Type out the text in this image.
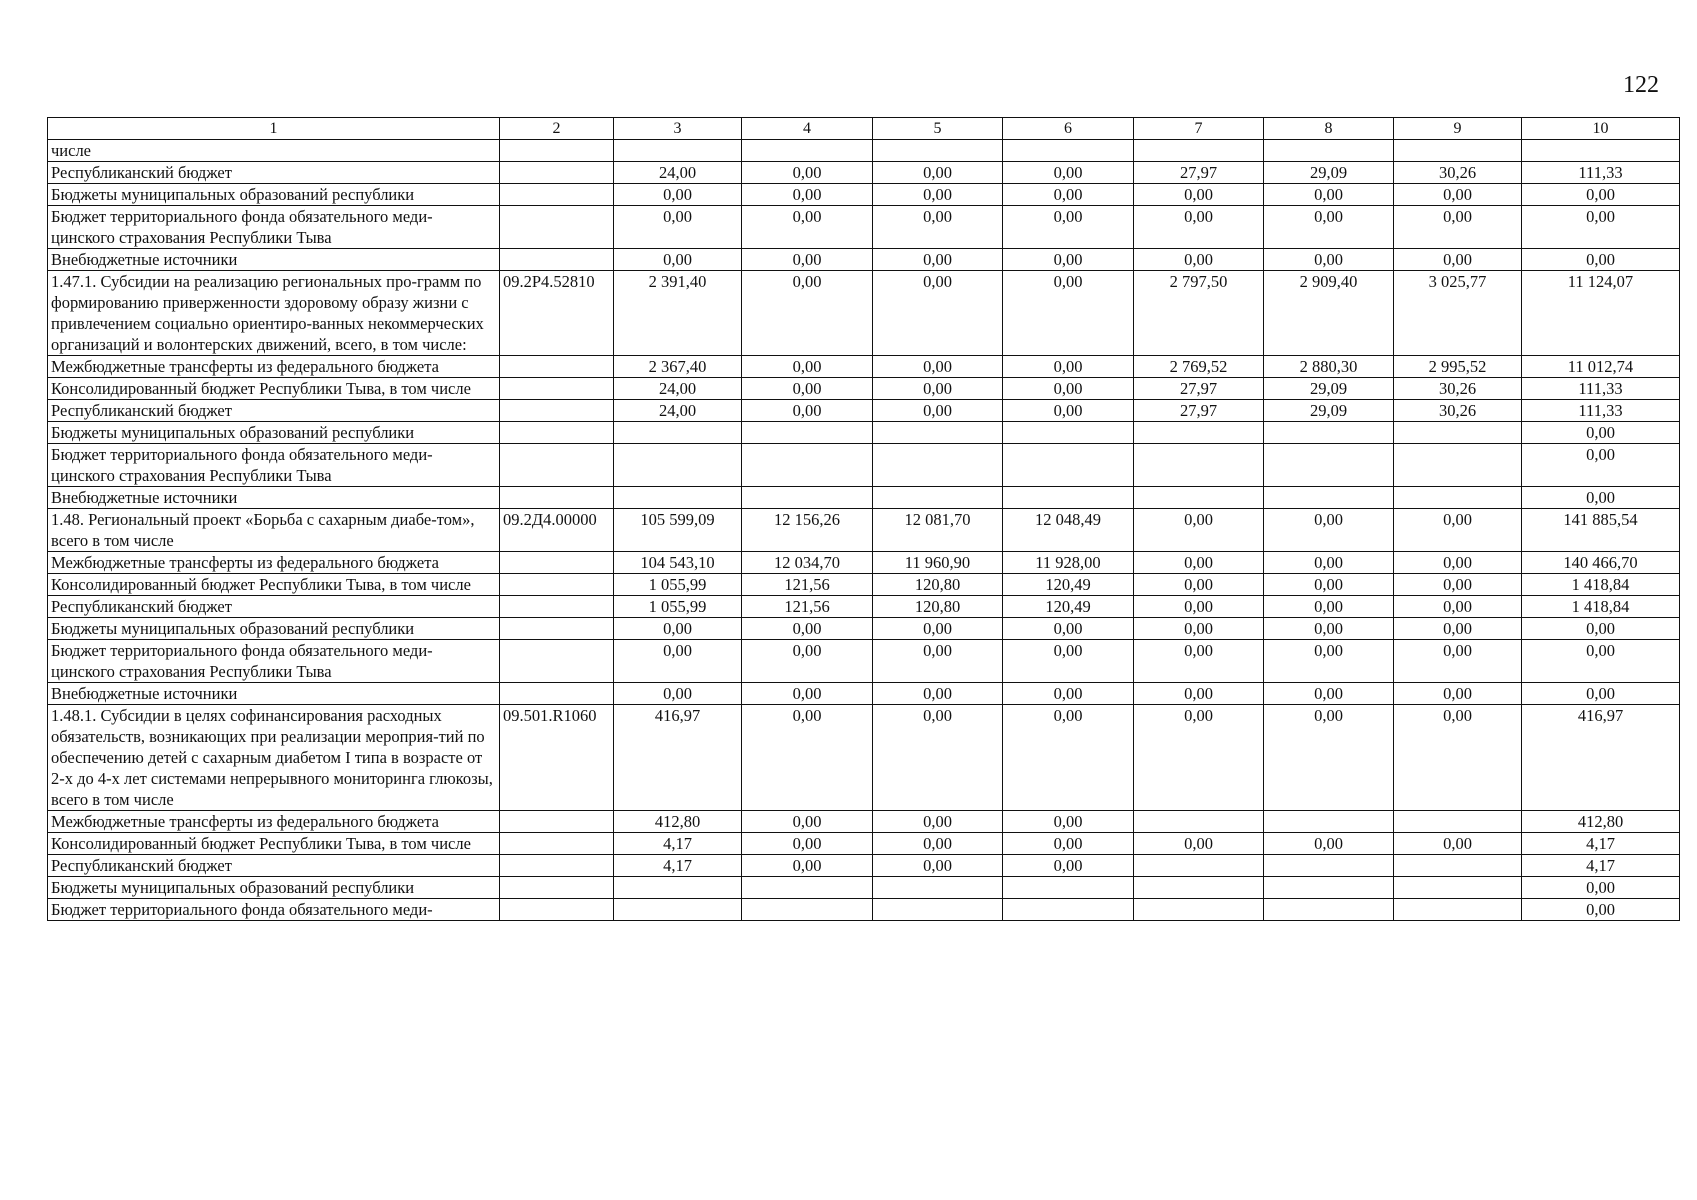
122
1	2	3	4	5	6	7	8	9	10
числе									
Республиканский бюджет		24,00	0,00	0,00	0,00	27,97	29,09	30,26	111,33
Бюджеты муниципальных образований республики		0,00	0,00	0,00	0,00	0,00	0,00	0,00	0,00
Бюджет территориального фонда обязательного меди-цинского страхования Республики Тыва		0,00	0,00	0,00	0,00	0,00	0,00	0,00	0,00
Внебюджетные источники		0,00	0,00	0,00	0,00	0,00	0,00	0,00	0,00
1.47.1. Субсидии на реализацию региональных про-грамм по формированию приверженности здоровому образу жизни с привлечением социально ориентиро-ванных некоммерческих организаций и волонтерских движений, всего, в том числе:	09.2Р4.52810	2 391,40	0,00	0,00	0,00	2 797,50	2 909,40	3 025,77	11 124,07
Межбюджетные трансферты из федерального бюджета		2 367,40	0,00	0,00	0,00	2 769,52	2 880,30	2 995,52	11 012,74
Консолидированный бюджет Республики Тыва, в том числе		24,00	0,00	0,00	0,00	27,97	29,09	30,26	111,33
Республиканский бюджет		24,00	0,00	0,00	0,00	27,97	29,09	30,26	111,33
Бюджеты муниципальных образований республики									0,00
Бюджет территориального фонда обязательного меди-цинского страхования Республики Тыва									0,00
Внебюджетные источники									0,00
1.48. Региональный проект «Борьба с сахарным диабе-том», всего в том числе	09.2Д4.00000	105 599,09	12 156,26	12 081,70	12 048,49	0,00	0,00	0,00	141 885,54
Межбюджетные трансферты из федерального бюджета		104 543,10	12 034,70	11 960,90	11 928,00	0,00	0,00	0,00	140 466,70
Консолидированный бюджет Республики Тыва, в том числе		1 055,99	121,56	120,80	120,49	0,00	0,00	0,00	1 418,84
Республиканский бюджет		1 055,99	121,56	120,80	120,49	0,00	0,00	0,00	1 418,84
Бюджеты муниципальных образований республики		0,00	0,00	0,00	0,00	0,00	0,00	0,00	0,00
Бюджет территориального фонда обязательного меди-цинского страхования Республики Тыва		0,00	0,00	0,00	0,00	0,00	0,00	0,00	0,00
Внебюджетные источники		0,00	0,00	0,00	0,00	0,00	0,00	0,00	0,00
1.48.1. Субсидии в целях софинансирования расходных обязательств, возникающих при реализации мероприя-тий по обеспечению детей с сахарным диабетом I типа в возрасте от 2-х до 4-х лет системами непрерывного мониторинга глюкозы, всего в том числе	09.501.R1060	416,97	0,00	0,00	0,00	0,00	0,00	0,00	416,97
Межбюджетные трансферты из федерального бюджета		412,80	0,00	0,00	0,00				412,80
Консолидированный бюджет Республики Тыва, в том числе		4,17	0,00	0,00	0,00	0,00	0,00	0,00	4,17
Республиканский бюджет		4,17	0,00	0,00	0,00				4,17
Бюджеты муниципальных образований республики									0,00
Бюджет территориального фонда обязательного меди-									0,00
